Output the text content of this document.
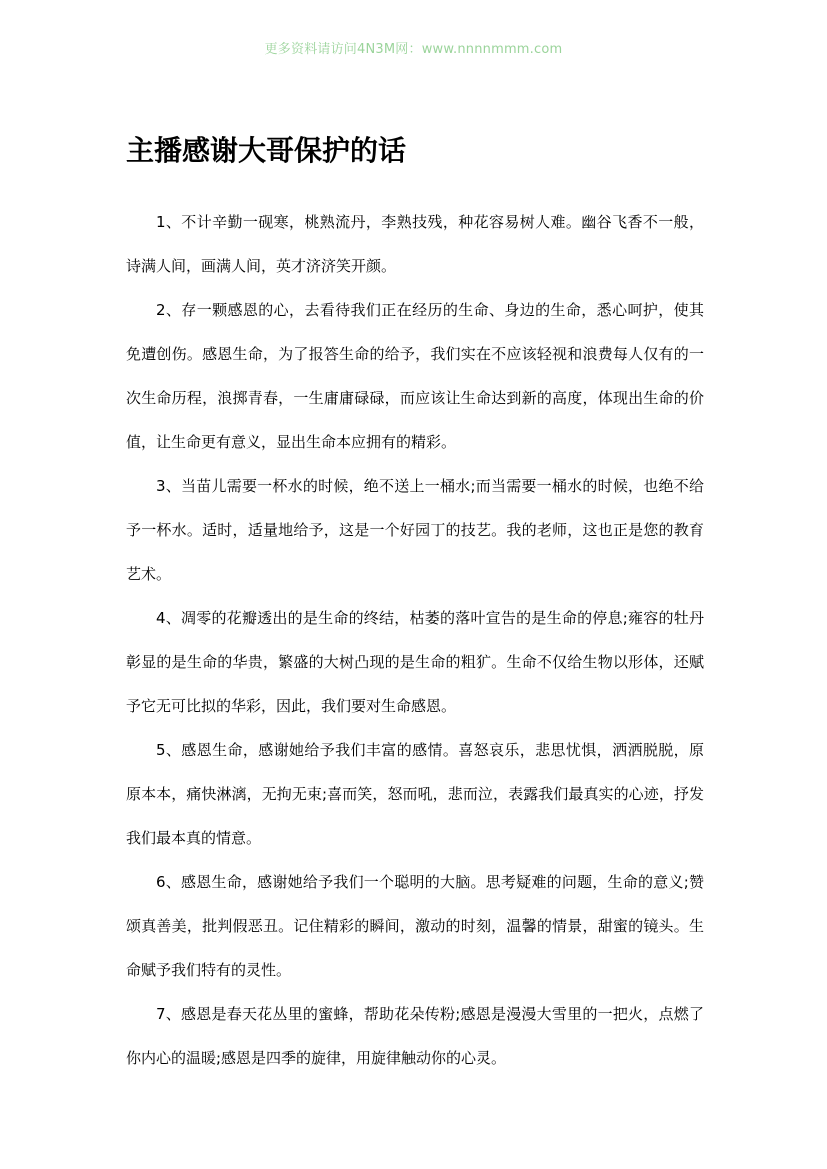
更多资料请访问4N3M网：www.nnnnmmm.com
主播感谢大哥保护的话

1、不计辛勤一砚寒，桃熟流丹，李熟技残，种花容易树人难。幽谷飞香不一般，诗满人间，画满人间，英才济济笑开颜。

2、存一颗感恩的心，去看待我们正在经历的生命、身边的生命，悉心呵护，使其免遭创伤。感恩生命，为了报答生命的给予，我们实在不应该轻视和浪费每人仅有的一次生命历程，浪掷青春，一生庸庸碌碌，而应该让生命达到新的高度，体现出生命的价值，让生命更有意义，显出生命本应拥有的精彩。

3、当苗儿需要一杯水的时候，绝不送上一桶水;而当需要一桶水的时候，也绝不给予一杯水。适时，适量地给予，这是一个好园丁的技艺。我的老师，这也正是您的教育艺术。

4、凋零的花瓣透出的是生命的终结，枯萎的落叶宣告的是生命的停息;雍容的牡丹彰显的是生命的华贵，繁盛的大树凸现的是生命的粗犷。生命不仅给生物以形体，还赋予它无可比拟的华彩，因此，我们要对生命感恩。

5、感恩生命，感谢她给予我们丰富的感情。喜怒哀乐，悲思忧惧，洒洒脱脱，原原本本，痛快淋漓，无拘无束;喜而笑，怒而吼，悲而泣，表露我们最真实的心迹，抒发我们最本真的情意。

6、感恩生命，感谢她给予我们一个聪明的大脑。思考疑难的问题，生命的意义;赞颂真善美，批判假恶丑。记住精彩的瞬间，激动的时刻，温馨的情景，甜蜜的镜头。生命赋予我们特有的灵性。

7、感恩是春天花丛里的蜜蜂，帮助花朵传粉;感恩是漫漫大雪里的一把火，点燃了你内心的温暖;感恩是四季的旋律，用旋律触动你的心灵。
